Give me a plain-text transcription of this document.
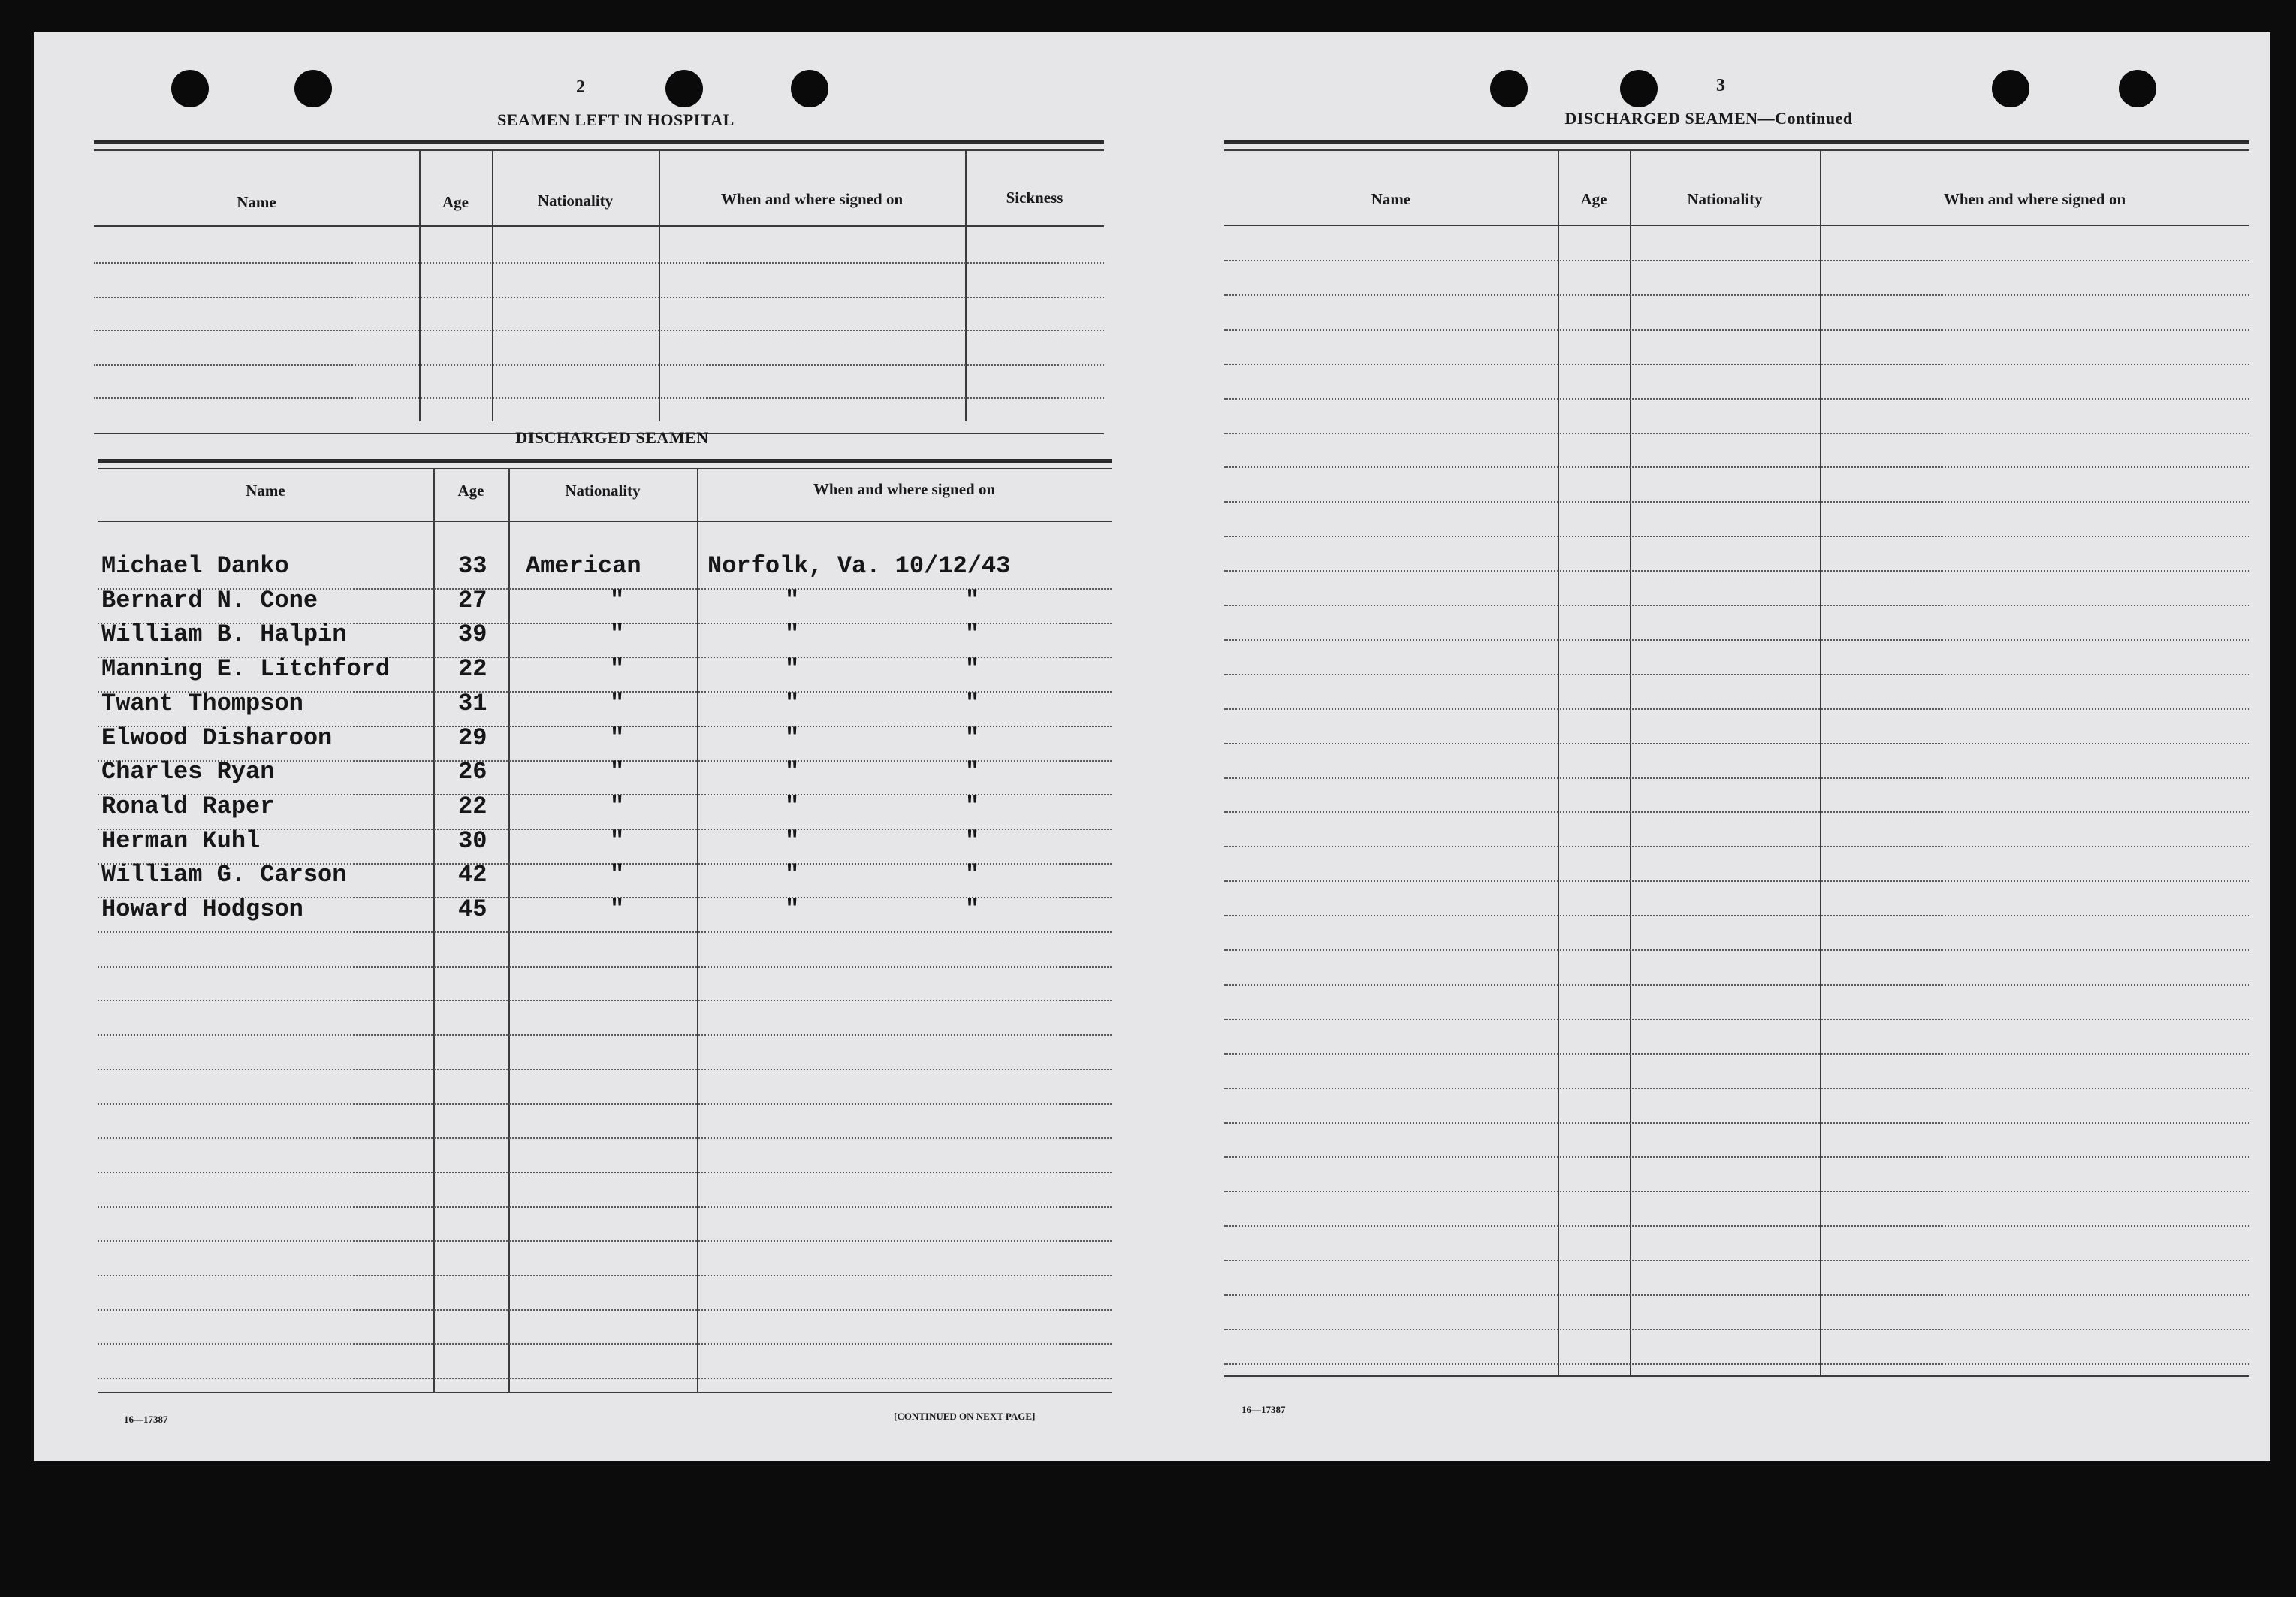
2
SEAMEN LEFT IN HOSPITAL
Name	Age	Nationality	When and where signed on	Sickness
DISCHARGED SEAMEN
Name	Age	Nationality	When and where signed on
Michael Danko	33 American	Norfolk, Va. 10/12/43
Bernard N. Cone	27	"	"	"
William B. Halpin	39	"	"	"
Manning E. Litchford	22	"	"	"
Twant Thompson	31	"	"	"
Elwood Disharoon	29	"	"	"
Charles Ryan	26	"	"	"
Ronald Raper	22	"	"	"
Herman Kuhl	30	"	"	"
William G. Carson	42	"	"	"
Howard Hodgson	45	"	"	"
16—17387	[CONTINUED ON NEXT PAGE]
3
DISCHARGED SEAMEN—Continued
Name	Age	Nationality	When and where signed on
16—17387
